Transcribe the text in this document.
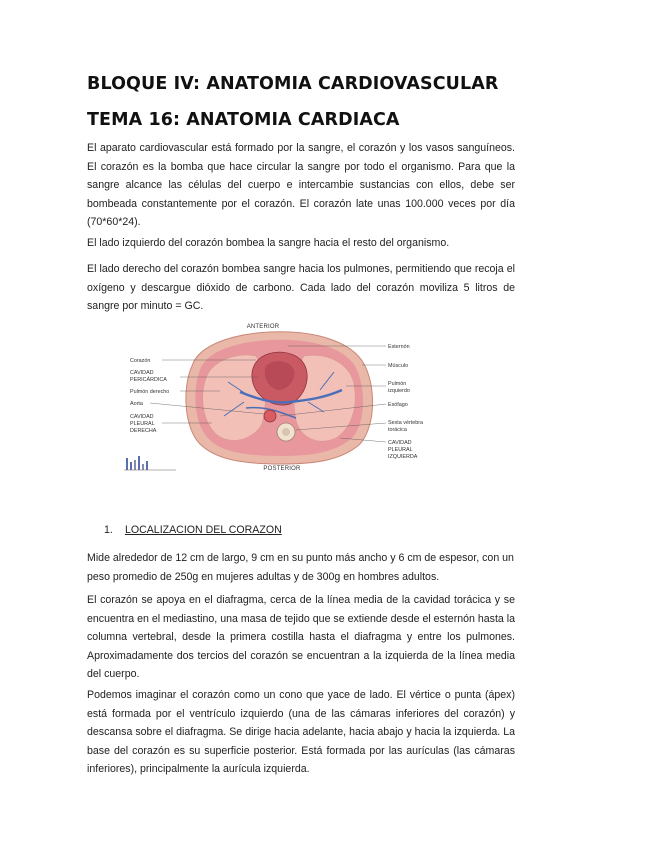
BLOQUE IV: ANATOMIA CARDIOVASCULAR
TEMA 16: ANATOMIA CARDIACA

El aparato cardiovascular está formado por la sangre, el corazón y los vasos sanguíneos. El corazón es la bomba que hace circular la sangre por todo el organismo. Para que la sangre alcance las células del cuerpo e intercambie sustancias con ellos, debe ser bombeada constantemente por el corazón. El corazón late unas 100.000 veces por día (70*60*24).

El lado izquierdo del corazón bombea la sangre hacia el resto del organismo.

El lado derecho del corazón bombea sangre hacia los pulmones, permitiendo que recoja el oxígeno y descargue dióxido de carbono. Cada lado del corazón moviliza 5 litros de sangre por minuto = GC.

ANTERIOR
POSTERIOR
Corazón
CAVIDAD
PERICÁRDICA
Pulmón derecho
Aorta
CAVIDAD
PLEURAL
DERECHA
Esternón
Músculo
Pulmón
izquierdo
Esófago
Sexta vértebra
torácica
CAVIDAD
PLEURAL
IZQUIERDA
1. LOCALIZACION DEL CORAZON

Mide alrededor de 12 cm de largo, 9 cm en su punto más ancho y 6 cm de espesor, con un peso promedio de 250g en mujeres adultas y de 300g en hombres adultos.

El corazón se apoya en el diafragma, cerca de la línea media de la cavidad torácica y se encuentra en el mediastino, una masa de tejido que se extiende desde el esternón hasta la columna vertebral, desde la primera costilla hasta el diafragma y entre los pulmones. Aproximadamente dos tercios del corazón se encuentran a la izquierda de la línea media del cuerpo.

Podemos imaginar el corazón como un cono que yace de lado. El vértice o punta (ápex) está formada por el ventrículo izquierdo (una de las cámaras inferiores del corazón) y descansa sobre el diafragma. Se dirige hacia adelante, hacia abajo y hacia la izquierda. La base del corazón es su superficie posterior. Está formada por las aurículas (las cámaras inferiores), principalmente la aurícula izquierda.
